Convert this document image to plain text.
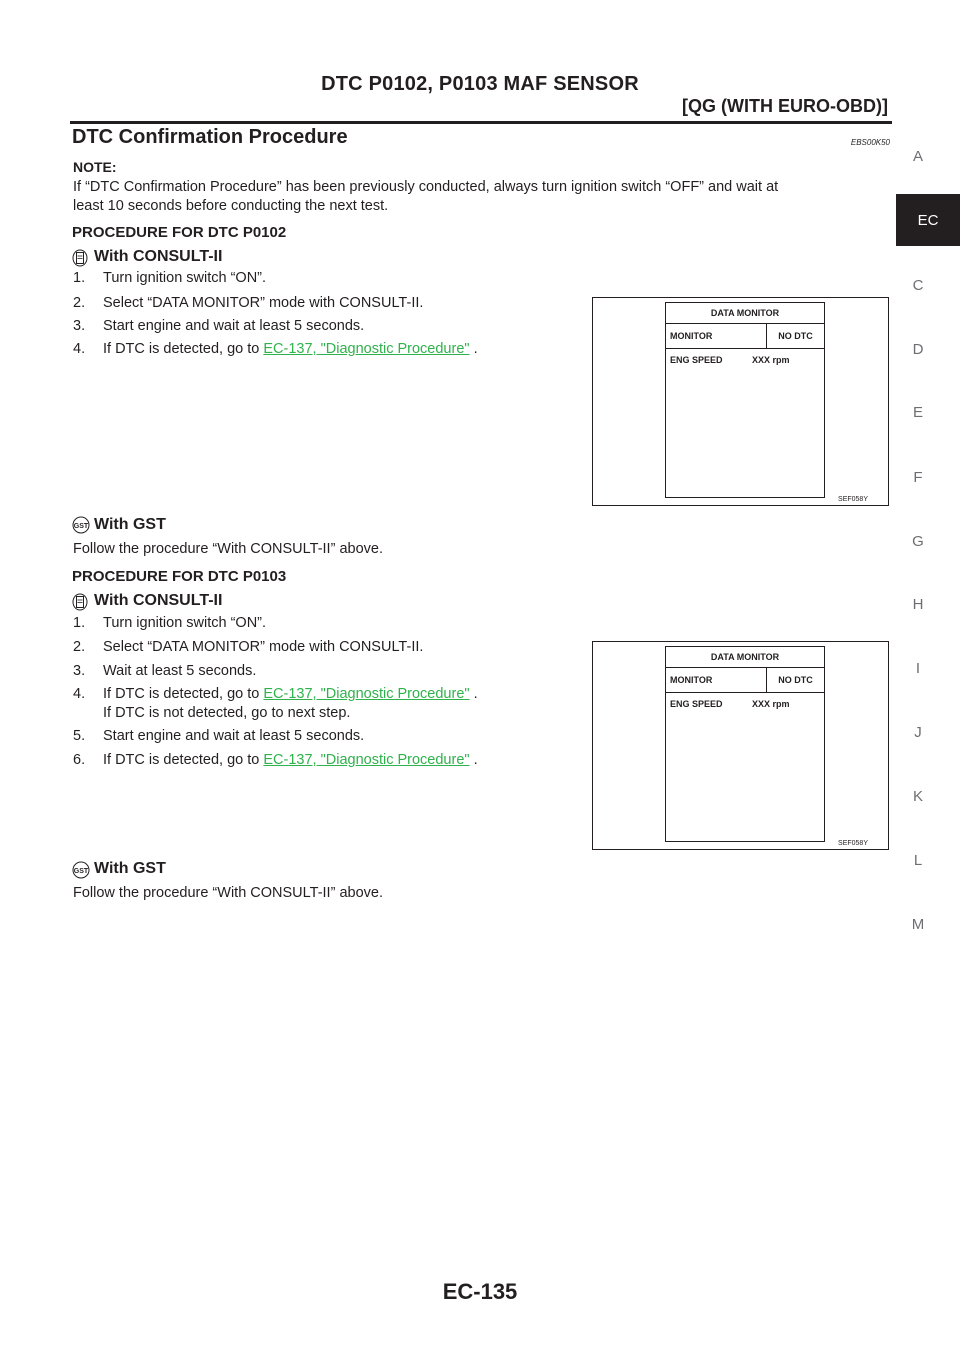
DTC P0102, P0103 MAF SENSOR
[QG (WITH EURO-OBD)]
A
EC
C
D
E
F
G
H
I
J
K
L
M
DTC Confirmation Procedure	EBS00K50
NOTE:
If “DTC Confirmation Procedure” has been previously conducted, always turn ignition switch “OFF” and wait at
least 10 seconds before conducting the next test.
PROCEDURE FOR DTC P0102
With CONSULT-II
1. Turn ignition switch “ON”.
2. Select “DATA MONITOR” mode with CONSULT-II.
3. Start engine and wait at least 5 seconds.
4. If DTC is detected, go to EC-137, "Diagnostic Procedure" .
DATA MONITOR
MONITOR	NO DTC
ENG SPEED	XXX rpm
SEF058Y
GST With GST
Follow the procedure “With CONSULT-II” above.
PROCEDURE FOR DTC P0103
With CONSULT-II
1. Turn ignition switch “ON”.
2. Select “DATA MONITOR” mode with CONSULT-II.
3. Wait at least 5 seconds.
4. If DTC is detected, go to EC-137, "Diagnostic Procedure" .
If DTC is not detected, go to next step.
5. Start engine and wait at least 5 seconds.
6. If DTC is detected, go to EC-137, "Diagnostic Procedure" .
DATA MONITOR
MONITOR	NO DTC
ENG SPEED	XXX rpm
SEF058Y
GST With GST
Follow the procedure “With CONSULT-II” above.
EC-135
